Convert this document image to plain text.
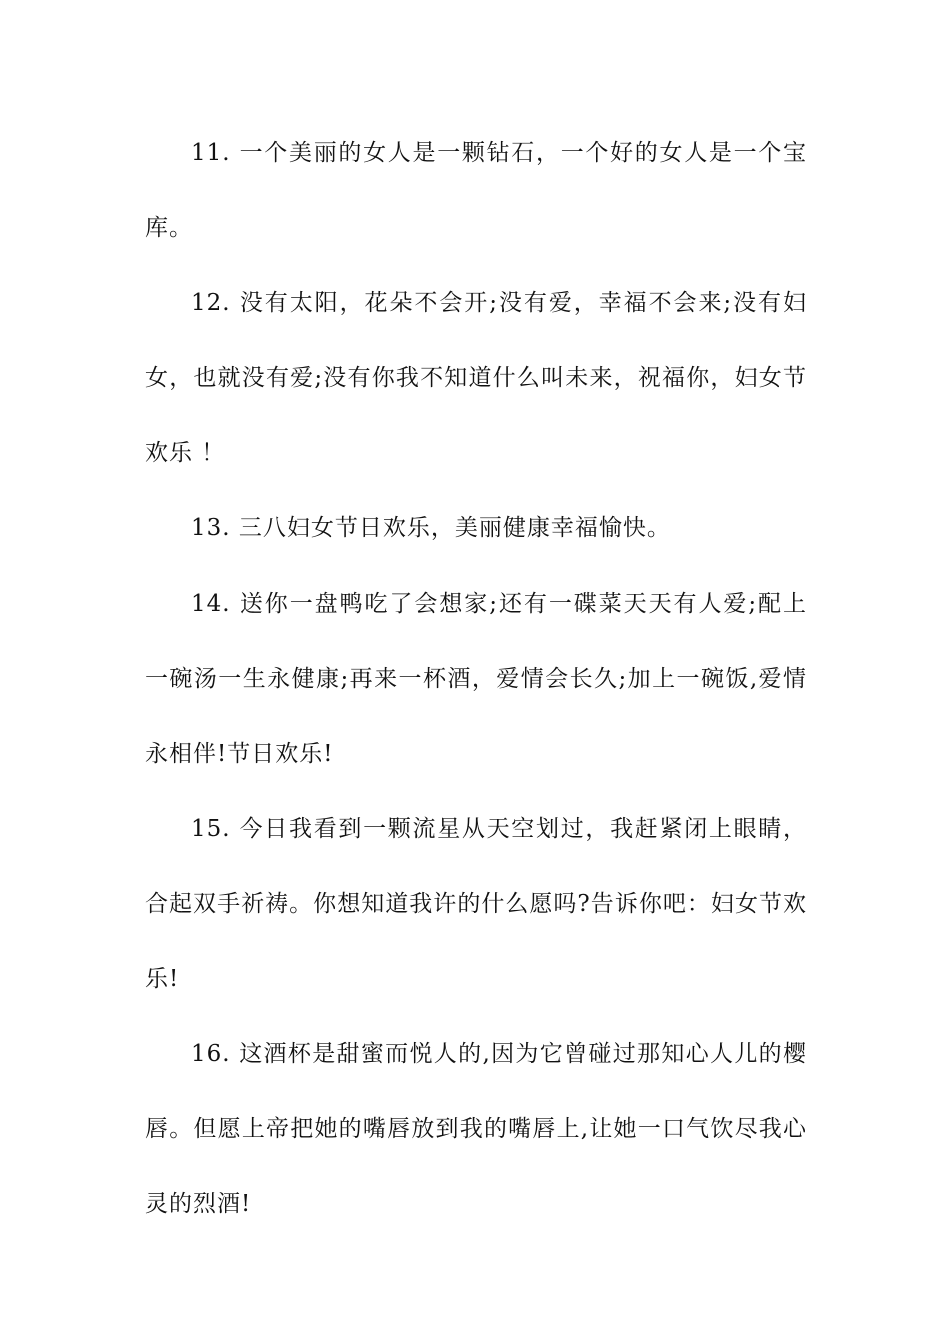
11. 一个美丽的女人是一颗钻石，一个好的女人是一个宝库。

12. 没有太阳，花朵不会开;没有爱，幸福不会来;没有妇女，也就没有爱;没有你我不知道什么叫未来，祝福你，妇女节欢乐 ！

13. 三八妇女节日欢乐，美丽健康幸福愉快。

14. 送你一盘鸭吃了会想家;还有一碟菜天天有人爱;配上一碗汤一生永健康;再来一杯酒，爱情会长久;加上一碗饭,爱情永相伴!节日欢乐!

15. 今日我看到一颗流星从天空划过，我赶紧闭上眼睛，合起双手祈祷。你想知道我许的什么愿吗?告诉你吧：妇女节欢乐!

16. 这酒杯是甜蜜而悦人的,因为它曾碰过那知心人儿的樱唇。但愿上帝把她的嘴唇放到我的嘴唇上,让她一口气饮尽我心灵的烈酒!
